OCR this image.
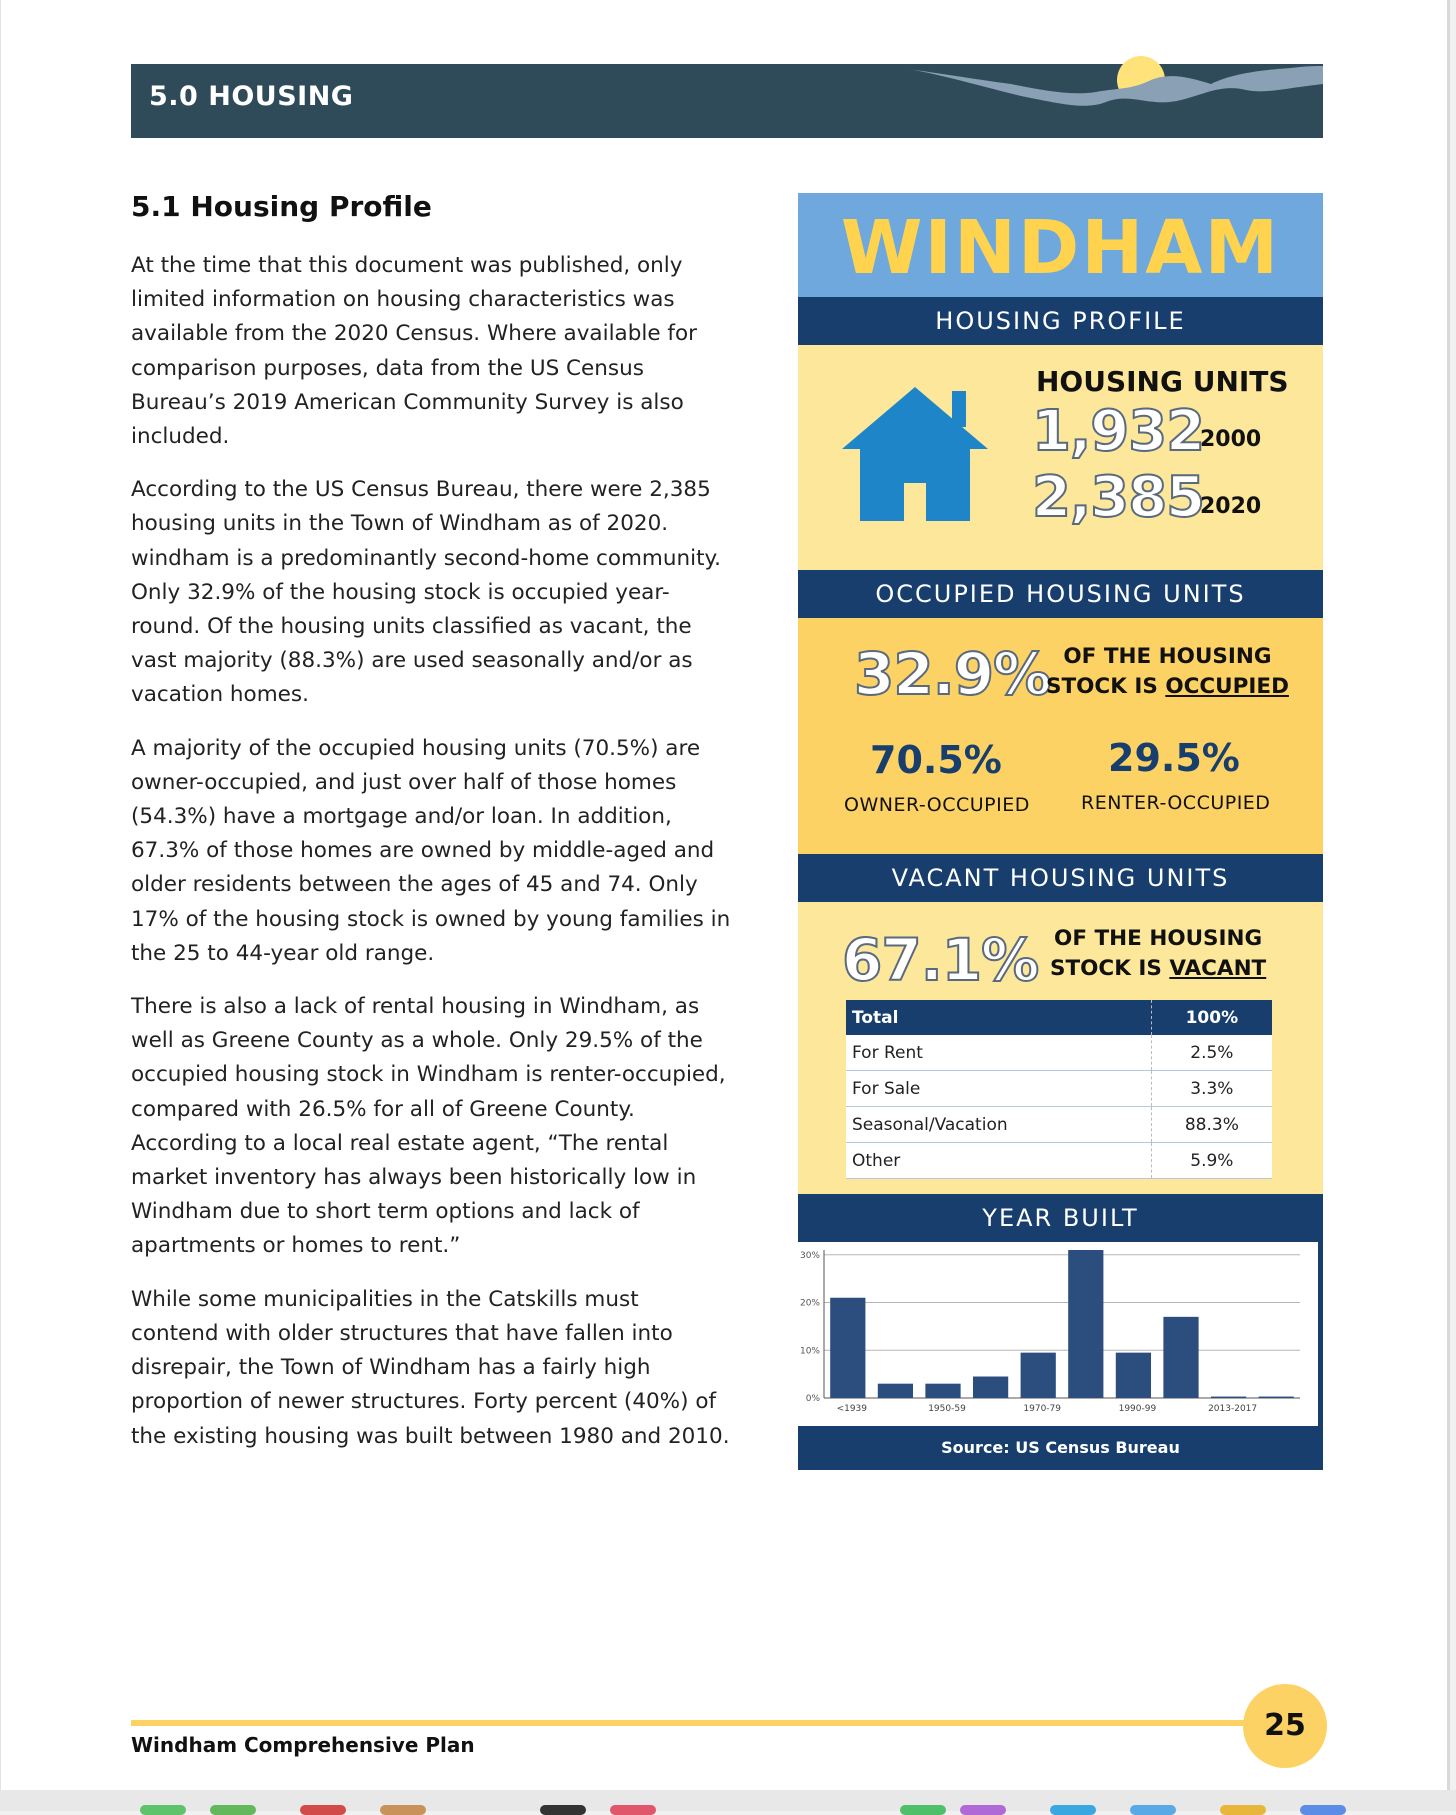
5.0 HOUSING
5.1 Housing Profile

At the time that this document was published, only limited information on housing characteristics was available from the 2020 Census. Where available for comparison purposes, data from the US Census Bureau’s 2019 American Community Survey is also included.

According to the US Census Bureau, there were 2,385 housing units in the Town of Windham as of 2020. windham is a predominantly second-home community. Only 32.9% of the housing stock is occupied year-round. Of the housing units classified as vacant, the vast majority (88.3%) are used seasonally and/or as vacation homes.

A majority of the occupied housing units (70.5%) are owner-occupied, and just over half of those homes (54.3%) have a mortgage and/or loan. In addition, 67.3% of those homes are owned by middle-aged and older residents between the ages of 45 and 74. Only 17% of the housing stock is owned by young families in the 25 to 44-year old range.

There is also a lack of rental housing in Windham, as well as Greene County as a whole. Only 29.5% of the occupied housing stock in Windham is renter-occupied, compared with 26.5% for all of Greene County. According to a local real estate agent, “The rental market inventory has always been historically low in Windham due to short term options and lack of apartments or homes to rent.”

While some municipalities in the Catskills must contend with older structures that have fallen into disrepair, the Town of Windham has a fairly high proportion of newer structures. Forty percent (40%) of the existing housing was built between 1980 and 2010.

WINDHAM
HOUSING PROFILE
HOUSING UNITS
1,932
2000
2,385
2020
OCCUPIED HOUSING UNITS
32.9% OF THE HOUSING
STOCK IS OCCUPIED
70.5%
OWNER-OCCUPIED
29.5%
RENTER-OCCUPIED
VACANT HOUSING UNITS
67.1% OF THE HOUSING
STOCK IS VACANT
Total	100%
For Rent	2.5%
For Sale	3.3%
Seasonal/Vacation	88.3%
Other	5.9%
YEAR BUILT
0%
10%
20%
30%
<1939	1950-59	1970-79	1990-99	2013-2017
Source: US Census Bureau
Windham Comprehensive Plan
25
